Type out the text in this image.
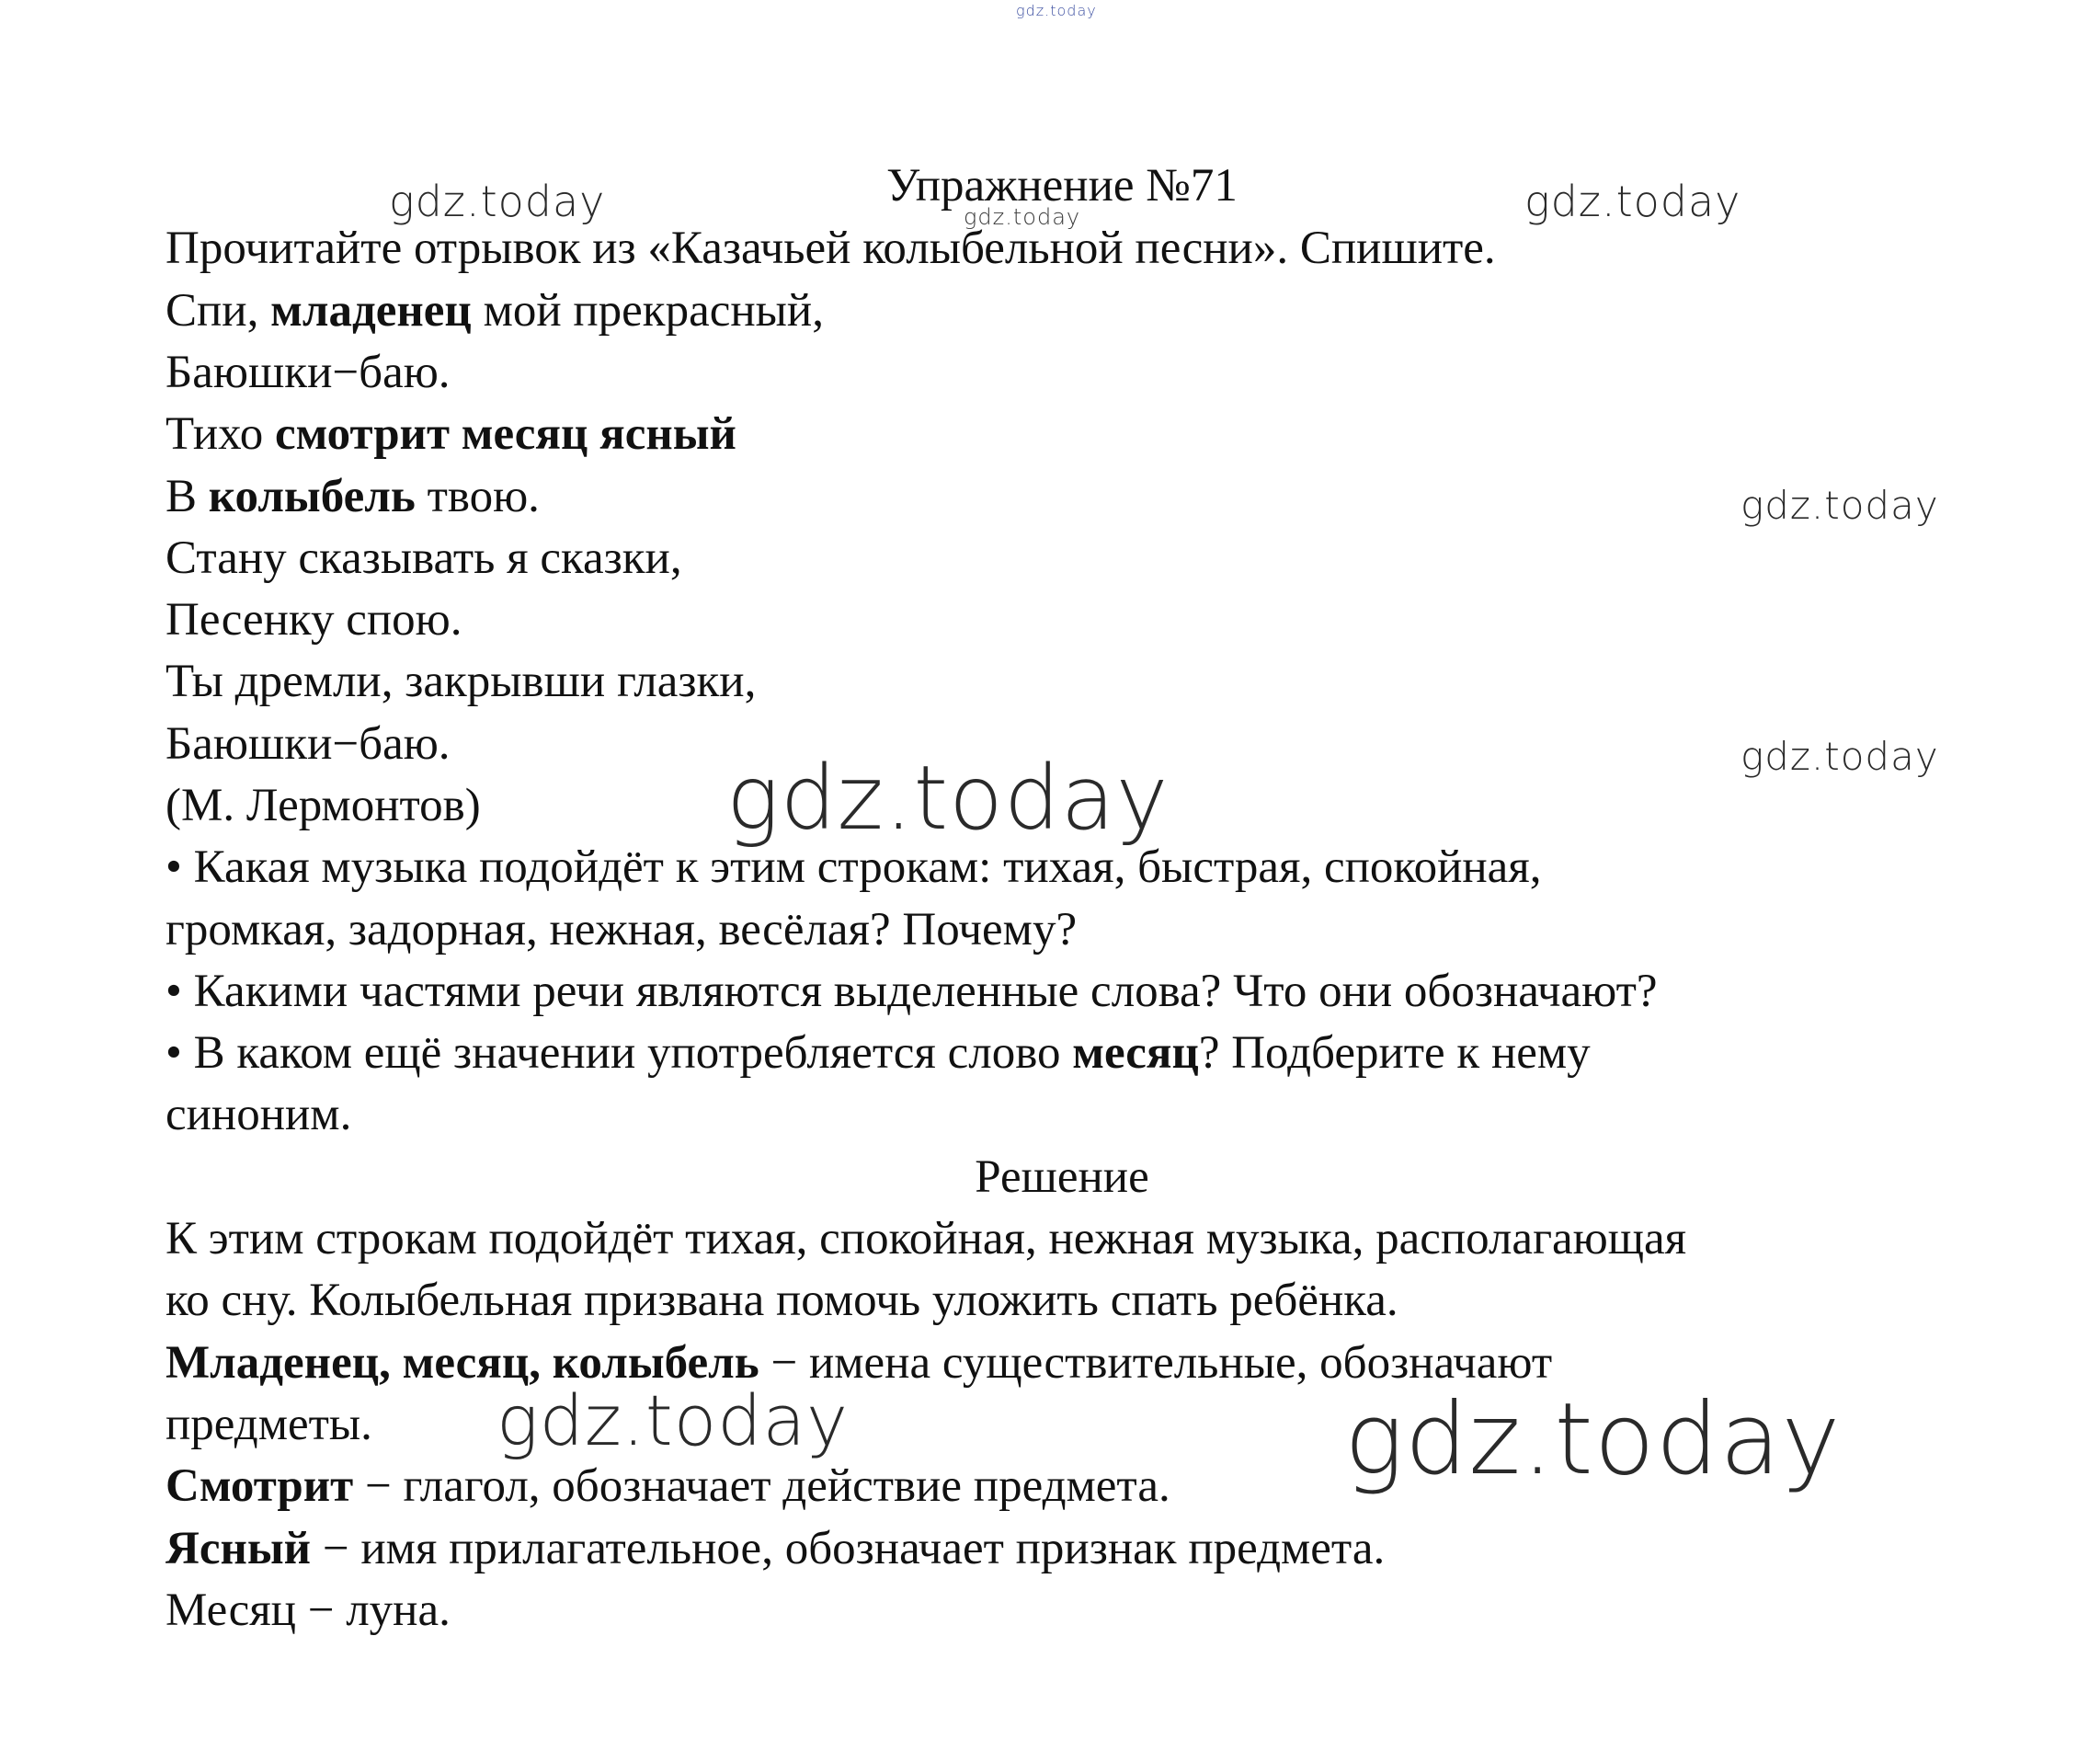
gdz.today
gdz.today	gdz.today	gdz.today
gdz.today
gdz.today
gdz.today
gdz.today	gdz.today
Упражнение №71
Прочитайте отрывок из «Казачьей колыбельной песни». Спишите.
Спи, младенец мой прекрасный,
Баюшки−баю.
Тихо смотрит месяц ясный
В колыбель твою.
Стану сказывать я сказки,
Песенку спою.
Ты дремли, закрывши глазки,
Баюшки−баю.
(М. Лермонтов)
• Какая музыка подойдёт к этим строкам: тихая, быстрая, спокойная,
громкая, задорная, нежная, весёлая? Почему?
• Какими частями речи являются выделенные слова? Что они обозначают?
• В каком ещё значении употребляется слово месяц? Подберите к нему
синоним.
Решение
К этим строкам подойдёт тихая, спокойная, нежная музыка, располагающая
ко сну. Колыбельная призвана помочь уложить спать ребёнка.
Младенец, месяц, колыбель − имена существительные, обозначают
предметы.
Смотрит − глагол, обозначает действие предмета.
Ясный − имя прилагательное, обозначает признак предмета.
Месяц − луна.
